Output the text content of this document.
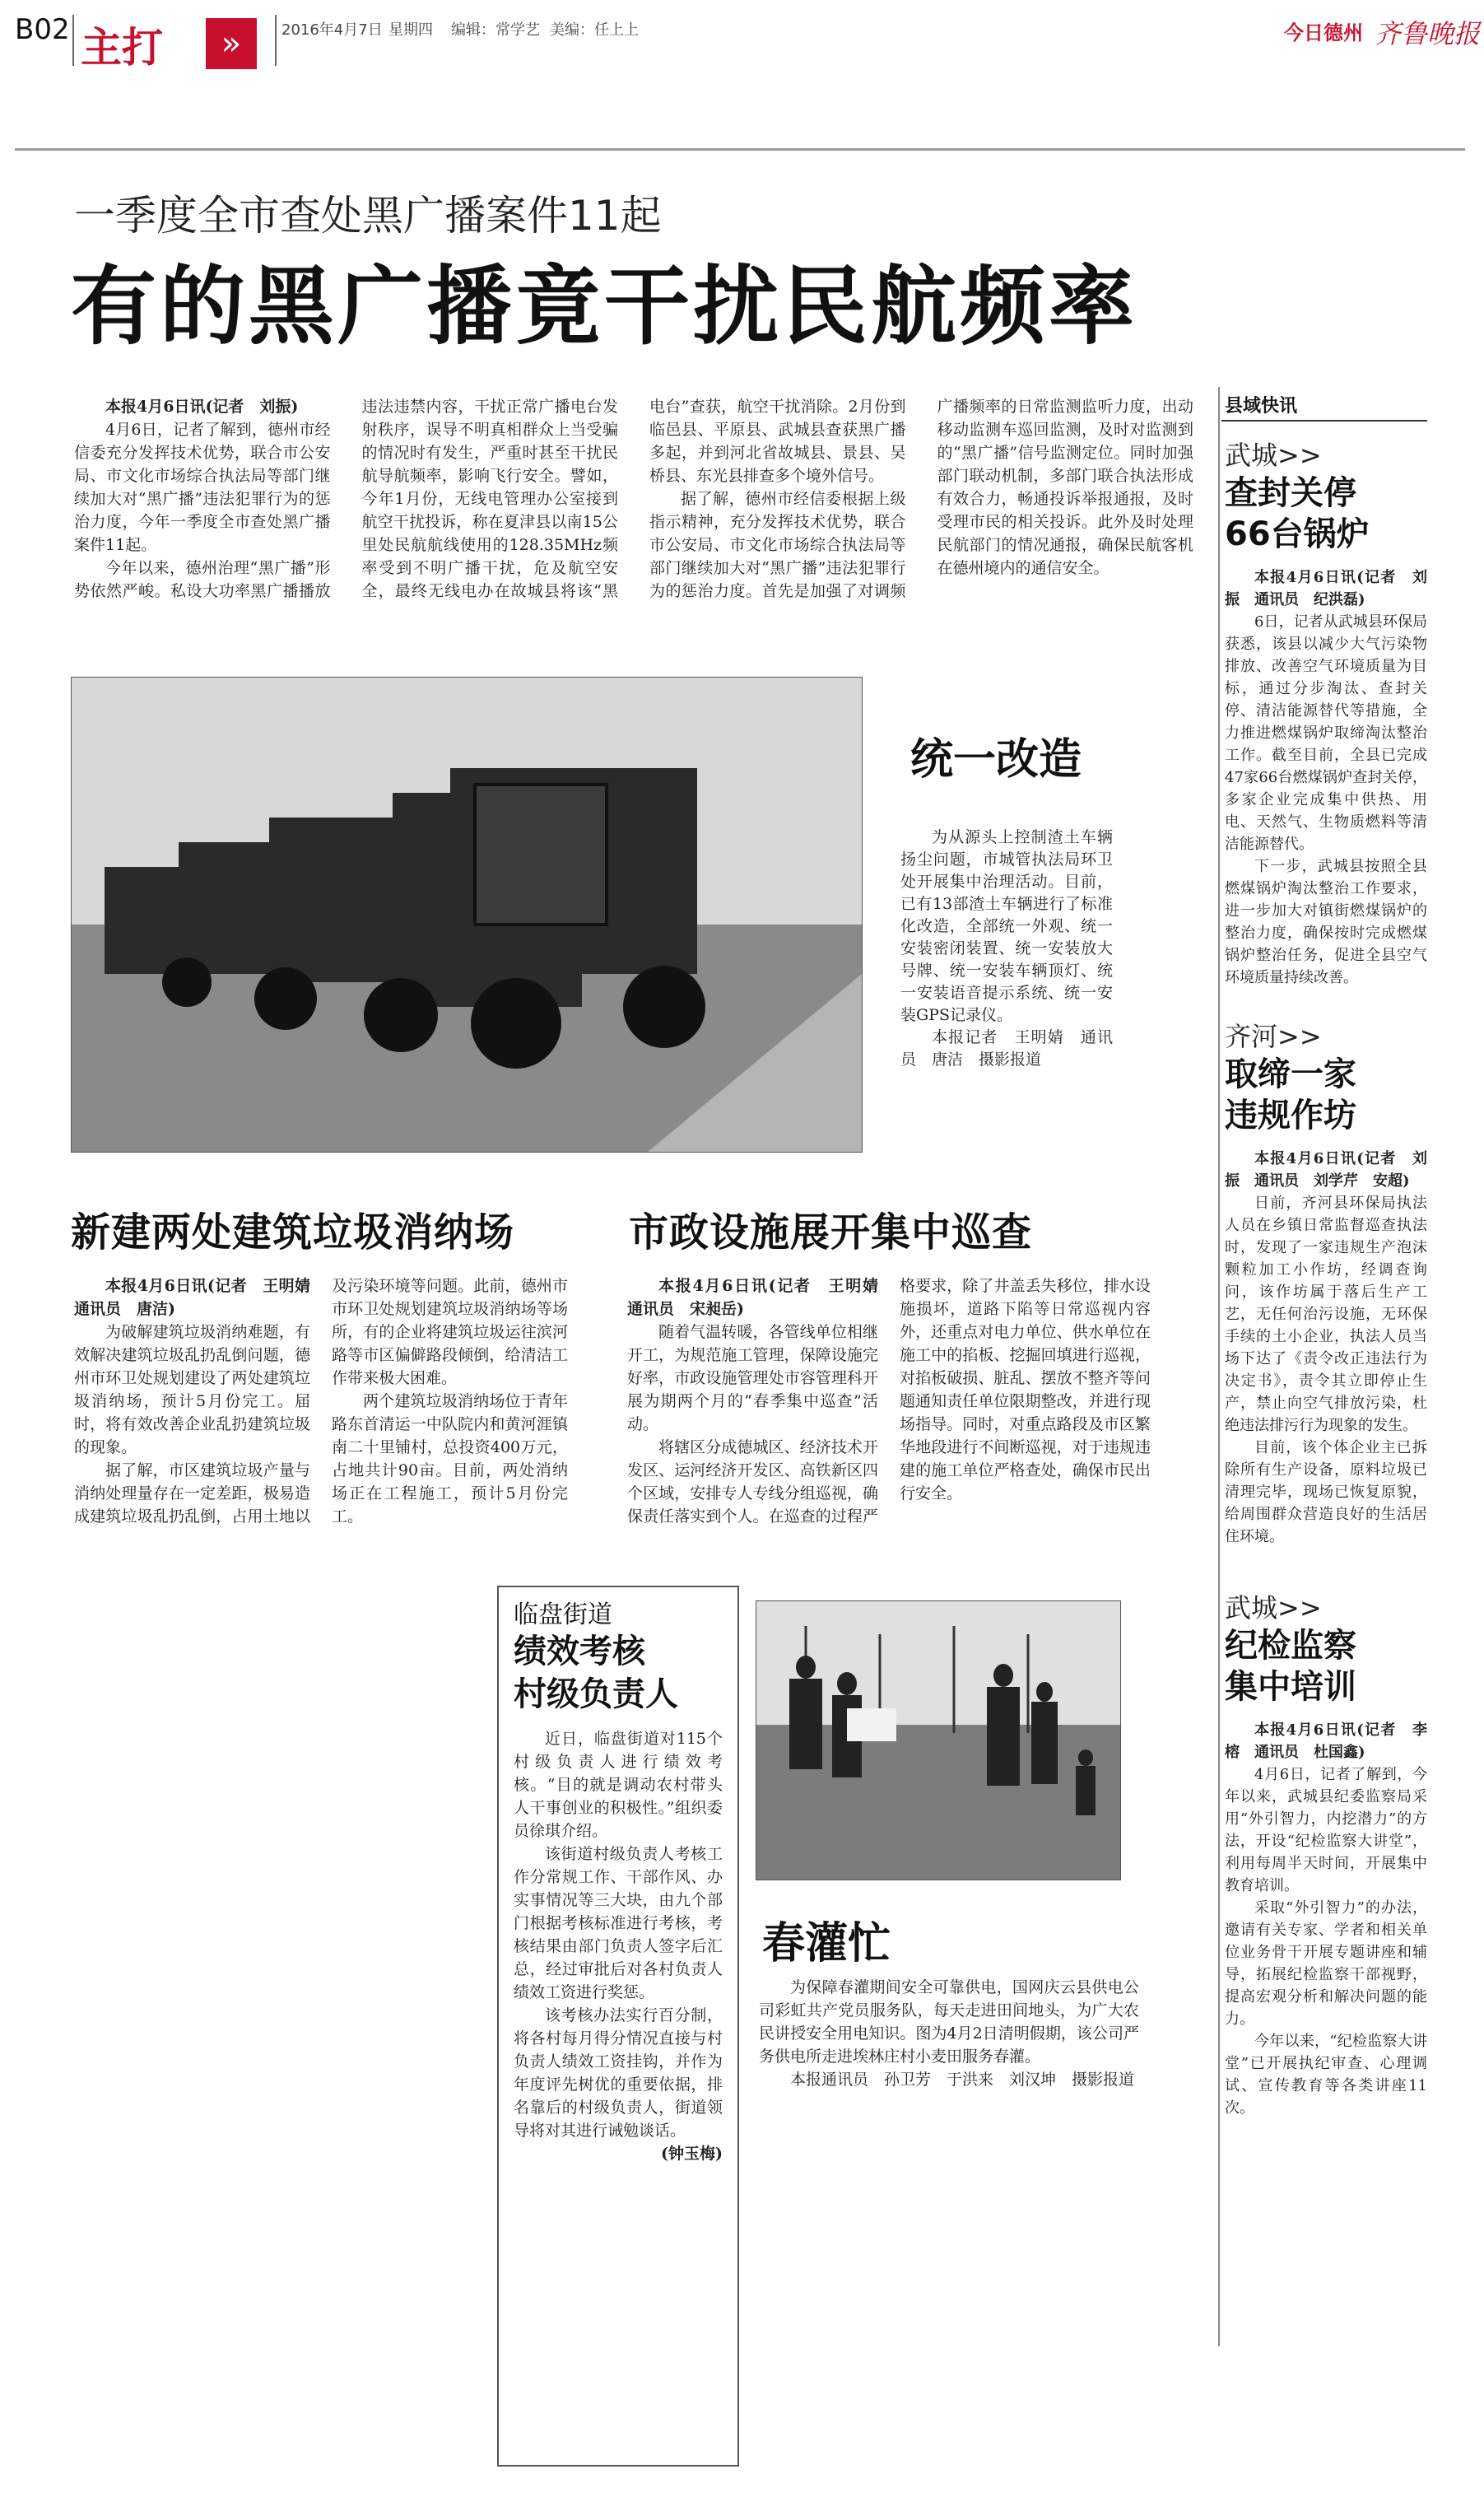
B02 主打	»	2016年4月7日 星期四 编辑：常学艺 美编：任上上	今日德州 齐鲁晚报
一季度全市查处黑广播案件11起
有的黑广播竟干扰民航频率

本报4月6日讯(记者　刘振)

4月6日，记者了解到，德州市经信委充分发挥技术优势，联合市公安局、市文化市场综合执法局等部门继续加大对“黑广播”违法犯罪行为的惩治力度，今年一季度全市查处黑广播案件11起。

今年以来，德州治理“黑广播”形势依然严峻。私设大功率黑广播播放违法违禁内容，干扰正常广播电台发射秩序，误导不明真相群众上当受骗的情况时有发生，严重时甚至干扰民航导航频率，影响飞行安全。譬如，今年1月份，无线电管理办公室接到航空干扰投诉，称在夏津县以南15公里处民航航线使用的128.35MHz频率受到不明广播干扰，危及航空安全，最终无线电办在故城县将该“黑电台”查获，航空干扰消除。2月份到临邑县、平原县、武城县查获黑广播多起，并到河北省故城县、景县、吴桥县、东光县排查多个境外信号。

据了解，德州市经信委根据上级指示精神，充分发挥技术优势，联合市公安局、市文化市场综合执法局等部门继续加大对“黑广播”违法犯罪行为的惩治力度。首先是加强了对调频广播频率的日常监测监听力度，出动移动监测车巡回监测，及时对监测到的“黑广播”信号监测定位。同时加强部门联动机制，多部门联合执法形成有效合力，畅通投诉举报通报，及时受理市民的相关投诉。此外及时处理民航部门的情况通报，确保民航客机在德州境内的通信安全。

统一改造

为从源头上控制渣土车辆扬尘问题，市城管执法局环卫处开展集中治理活动。目前，已有13部渣土车辆进行了标准化改造，全部统一外观、统一安装密闭装置、统一安装放大号牌、统一安装车辆顶灯、统一安装语音提示系统、统一安装GPS记录仪。

本报记者　王明婧　通讯员　唐洁　摄影报道

新建两处建筑垃圾消纳场

本报4月6日讯(记者　王明婧　通讯员　唐洁)

为破解建筑垃圾消纳难题，有效解决建筑垃圾乱扔乱倒问题，德州市环卫处规划建设了两处建筑垃圾消纳场，预计5月份完工。届时，将有效改善企业乱扔建筑垃圾的现象。

据了解，市区建筑垃圾产量与消纳处理量存在一定差距，极易造成建筑垃圾乱扔乱倒，占用土地以及污染环境等问题。此前，德州市市环卫处规划建筑垃圾消纳场等场所，有的企业将建筑垃圾运往滨河路等市区偏僻路段倾倒，给清洁工作带来极大困难。

两个建筑垃圾消纳场位于青年路东首清运一中队院内和黄河涯镇南二十里铺村，总投资400万元，占地共计90亩。目前，两处消纳场正在工程施工，预计5月份完工。

市政设施展开集中巡查

本报4月6日讯(记者　王明婧　通讯员　宋昶岳)

随着气温转暖，各管线单位相继开工，为规范施工管理，保障设施完好率，市政设施管理处市容管理科开展为期两个月的“春季集中巡查”活动。

将辖区分成德城区、经济技术开发区、运河经济开发区、高铁新区四个区域，安排专人专线分组巡视，确保责任落实到个人。在巡查的过程严格要求，除了井盖丢失移位，排水设施损坏，道路下陷等日常巡视内容外，还重点对电力单位、供水单位在施工中的掐板、挖掘回填进行巡视，对掐板破损、脏乱、摆放不整齐等问题通知责任单位限期整改，并进行现场指导。同时，对重点路段及市区繁华地段进行不间断巡视，对于违规违建的施工单位严格查处，确保市民出行安全。

临盘街道
绩效考核
村级负责人

近日，临盘街道对115个村级负责人进行绩效考核。“目的就是调动农村带头人干事创业的积极性。”组织委员徐琪介绍。

该街道村级负责人考核工作分常规工作、干部作风、办实事情况等三大块，由九个部门根据考核标准进行考核，考核结果由部门负责人签字后汇总，经过审批后对各村负责人绩效工资进行奖惩。

该考核办法实行百分制，将各村每月得分情况直接与村负责人绩效工资挂钩，并作为年度评先树优的重要依据，排名靠后的村级负责人，街道领导将对其进行诫勉谈话。

(钟玉梅)

春灌忙

为保障春灌期间安全可靠供电，国网庆云县供电公司彩虹共产党员服务队，每天走进田间地头，为广大农民讲授安全用电知识。图为4月2日清明假期，该公司严务供电所走进埃林庄村小麦田服务春灌。

本报通讯员　孙卫芳　于洪来　刘汉坤　摄影报道

县域快讯
武城>>
查封关停
66台锅炉

本报4月6日讯(记者　刘振　通讯员　纪洪磊)

6日，记者从武城县环保局获悉，该县以减少大气污染物排放、改善空气环境质量为目标，通过分步淘汰、查封关停、清洁能源替代等措施，全力推进燃煤锅炉取缔淘汰整治工作。截至目前，全县已完成47家66台燃煤锅炉查封关停，多家企业完成集中供热、用电、天然气、生物质燃料等清洁能源替代。

下一步，武城县按照全县燃煤锅炉淘汰整治工作要求，进一步加大对镇街燃煤锅炉的整治力度，确保按时完成燃煤锅炉整治任务，促进全县空气环境质量持续改善。

齐河>>
取缔一家
违规作坊

本报4月6日讯(记者　刘振　通讯员　刘学芹　安超)

日前，齐河县环保局执法人员在乡镇日常监督巡查执法时，发现了一家违规生产泡沫颗粒加工小作坊，经调查询问，该作坊属于落后生产工艺，无任何治污设施，无环保手续的土小企业，执法人员当场下达了《责令改正违法行为决定书》，责令其立即停止生产，禁止向空气排放污染，杜绝违法排污行为现象的发生。

目前，该个体企业主已拆除所有生产设备，原料垃圾已清理完毕，现场已恢复原貌，给周围群众营造良好的生活居住环境。

武城>>
纪检监察
集中培训

本报4月6日讯(记者　李榕　通讯员　杜国鑫)

4月6日，记者了解到，今年以来，武城县纪委监察局采用“外引智力，内挖潜力”的方法，开设“纪检监察大讲堂”，利用每周半天时间，开展集中教育培训。

采取“外引智力”的办法，邀请有关专家、学者和相关单位业务骨干开展专题讲座和辅导，拓展纪检监察干部视野，提高宏观分析和解决问题的能力。

今年以来，“纪检监察大讲堂”已开展执纪审查、心理调试、宣传教育等各类讲座11次。
